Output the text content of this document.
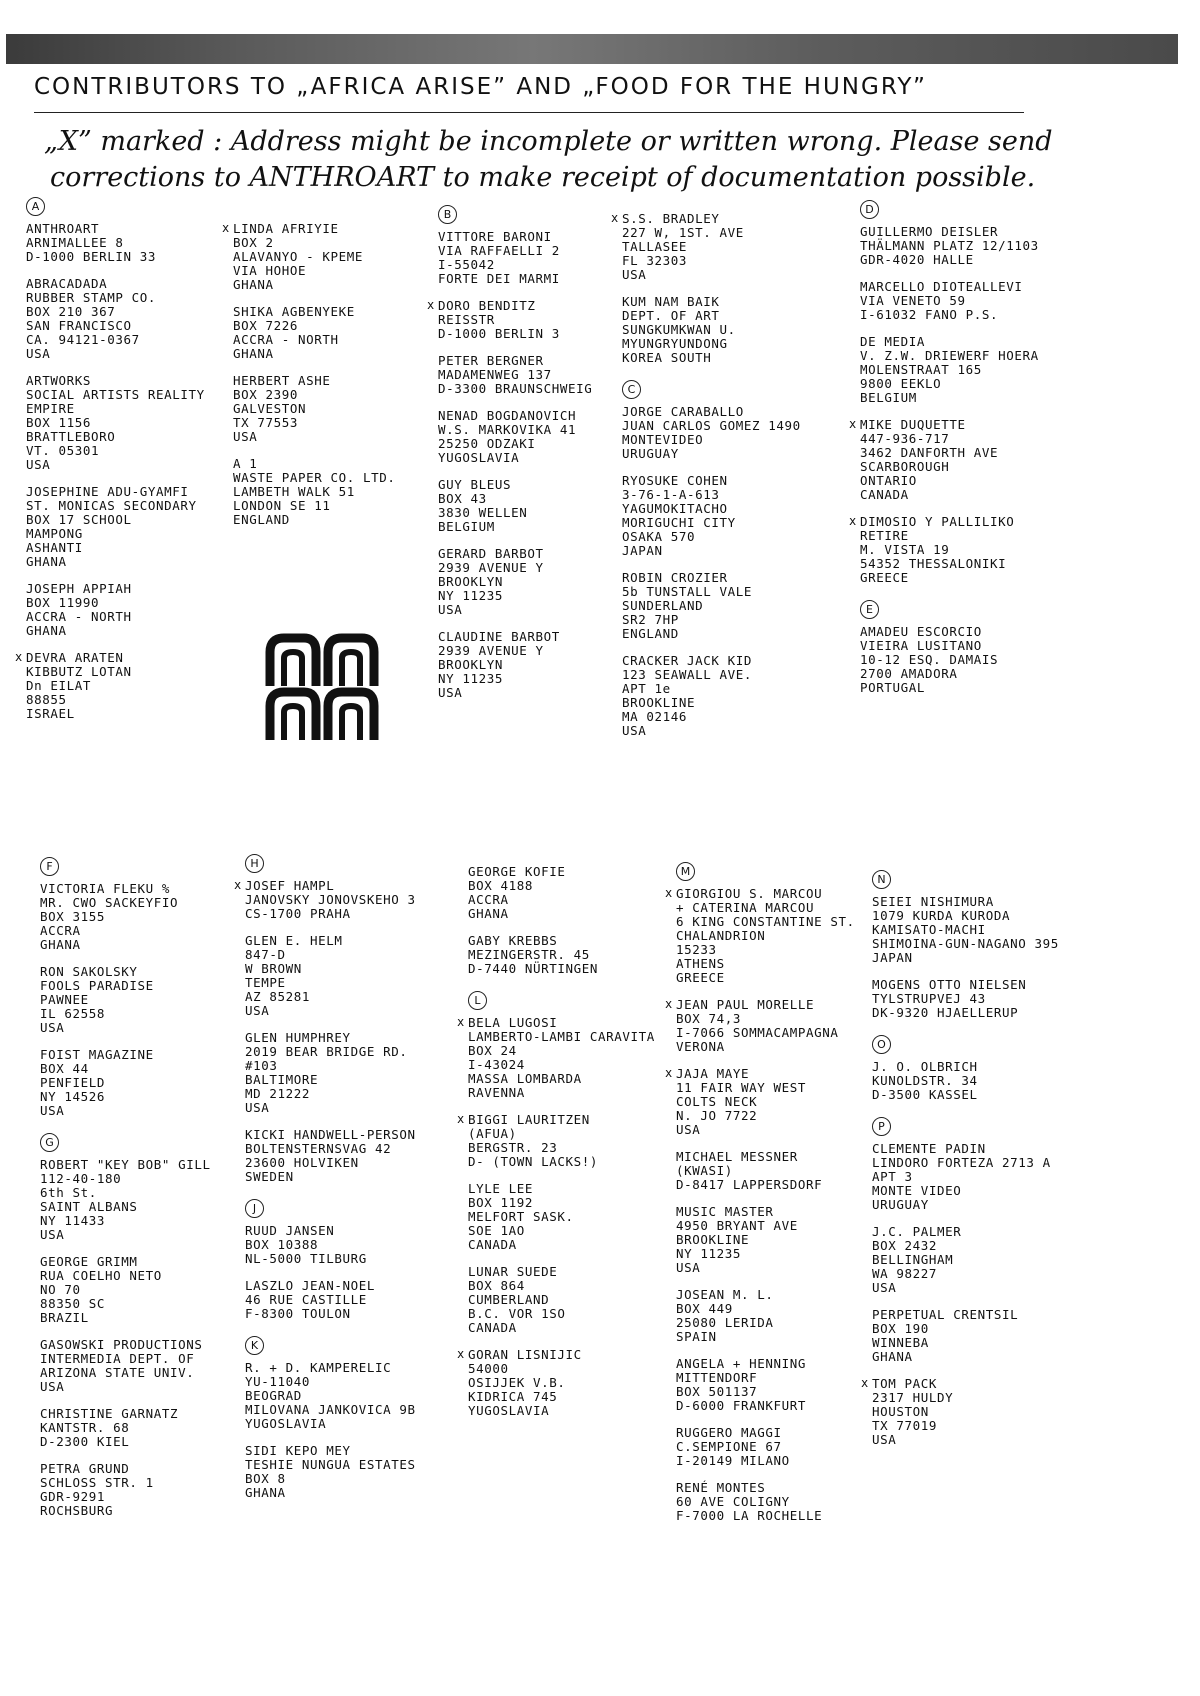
CONTRIBUTORS TO „AFRICA ARISE” AND „FOOD FOR THE HUNGRY”
„X” marked : Address might be incomplete or written wrong. Please send
corrections to ANTHROART to make receipt of documentation possible.
A
ANTHROART
ARNIMALLEE 8
D-1000 BERLIN 33
ABRACADADA
RUBBER STAMP CO.
BOX 210 367
SAN FRANCISCO
CA. 94121-0367
USA
ARTWORKS
SOCIAL ARTISTS REALITY
EMPIRE
BOX 1156
BRATTLEBORO
VT. 05301
USA
JOSEPHINE ADU-GYAMFI
ST. MONICAS SECONDARY
BOX 17 SCHOOL
MAMPONG
ASHANTI
GHANA
JOSEPH APPIAH
BOX 11990
ACCRA - NORTH
GHANA
x DEVRA ARATEN
KIBBUTZ LOTAN
Dn EILAT
88855
ISRAEL
x LINDA AFRIYIE
BOX 2
ALAVANYO - KPEME
VIA HOHOE
GHANA
SHIKA AGBENYEKE
BOX 7226
ACCRA - NORTH
GHANA
HERBERT ASHE
BOX 2390
GALVESTON
TX 77553
USA
A 1
WASTE PAPER CO. LTD.
LAMBETH WALK 51
LONDON SE 11
ENGLAND
B
VITTORE BARONI
VIA RAFFAELLI 2
I-55042
FORTE DEI MARMI
x DORO BENDITZ
REISSTR
D-1000 BERLIN 3
PETER BERGNER
MADAMENWEG 137
D-3300 BRAUNSCHWEIG
NENAD BOGDANOVICH
W.S. MARKOVIKA 41
25250 ODZAKI
YUGOSLAVIA
GUY BLEUS
BOX 43
3830 WELLEN
BELGIUM
GERARD BARBOT
2939 AVENUE Y
BROOKLYN
NY 11235
USA
CLAUDINE BARBOT
2939 AVENUE Y
BROOKLYN
NY 11235
USA
x S.S. BRADLEY
227 W, 1ST. AVE
TALLASEE
FL 32303
USA
KUM NAM BAIK
DEPT. OF ART
SUNGKUMKWAN U.
MYUNGRYUNDONG
KOREA SOUTH
C
JORGE CARABALLO
JUAN CARLOS GOMEZ 1490
MONTEVIDEO
URUGUAY
RYOSUKE COHEN
3-76-1-A-613
YAGUMOKITACHO
MORIGUCHI CITY
OSAKA 570
JAPAN
ROBIN CROZIER
5b TUNSTALL VALE
SUNDERLAND
SR2 7HP
ENGLAND
CRACKER JACK KID
123 SEAWALL AVE.
APT 1e
BROOKLINE
MA 02146
USA
D
GUILLERMO DEISLER
THÄLMANN PLATZ 12/1103
GDR-4020 HALLE
MARCELLO DIOTEALLEVI
VIA VENETO 59
I-61032 FANO P.S.
DE MEDIA
V. Z.W. DRIEWERF HOERA
MOLENSTRAAT 165
9800 EEKLO
BELGIUM
x MIKE DUQUETTE
447-936-717
3462 DANFORTH AVE
SCARBOROUGH
ONTARIO
CANADA
x DIMOSIO Y PALLILIKO
RETIRE
M. VISTA 19
54352 THESSALONIKI
GREECE
E
AMADEU ESCORCIO
VIEIRA LUSITANO
10-12 ESQ. DAMAIS
2700 AMADORA
PORTUGAL
F
VICTORIA FLEKU %
MR. CWO SACKEYFIO
BOX 3155
ACCRA
GHANA
RON SAKOLSKY
FOOLS PARADISE
PAWNEE
IL 62558
USA
FOIST MAGAZINE
BOX 44
PENFIELD
NY 14526
USA
G
ROBERT "KEY BOB" GILL
112-40-180
6th St.
SAINT ALBANS
NY 11433
USA
GEORGE GRIMM
RUA COELHO NETO
NO 70
88350 SC
BRAZIL
GASOWSKI PRODUCTIONS
INTERMEDIA DEPT. OF
ARIZONA STATE UNIV.
USA
CHRISTINE GARNATZ
KANTSTR. 68
D-2300 KIEL
PETRA GRUND
SCHLOSS STR. 1
GDR-9291
ROCHSBURG
H
x JOSEF HAMPL
JANOVSKY JONOVSKEHO 3
CS-1700 PRAHA
GLEN E. HELM
847-D
W BROWN
TEMPE
AZ 85281
USA
GLEN HUMPHREY
2019 BEAR BRIDGE RD.
#103
BALTIMORE
MD 21222
USA
KICKI HANDWELL-PERSON
BOLTENSTERNSVAG 42
23600 HOLVIKEN
SWEDEN
J
RUUD JANSEN
BOX 10388
NL-5000 TILBURG
LASZLO JEAN-NOEL
46 RUE CASTILLE
F-8300 TOULON
K
R. + D. KAMPERELIC
YU-11040
BEOGRAD
MILOVANA JANKOVICA 9B
YUGOSLAVIA
SIDI KEPO MEY
TESHIE NUNGUA ESTATES
BOX 8
GHANA
GEORGE KOFIE
BOX 4188
ACCRA
GHANA
GABY KREBBS
MEZINGERSTR. 45
D-7440 NÜRTINGEN
L
x BELA LUGOSI
LAMBERTO-LAMBI CARAVITA
BOX 24
I-43024
MASSA LOMBARDA
RAVENNA
x BIGGI LAURITZEN
(AFUA)
BERGSTR. 23
D- (TOWN LACKS!)
LYLE LEE
BOX 1192
MELFORT SASK.
SOE 1AO
CANADA
LUNAR SUEDE
BOX 864
CUMBERLAND
B.C. VOR 1SO
CANADA
x GORAN LISNIJIC
54000
OSIJJEK V.B.
KIDRICA 745
YUGOSLAVIA
M
x GIORGIOU S. MARCOU
+ CATERINA MARCOU
6 KING CONSTANTINE ST.
CHALANDRION
15233
ATHENS
GREECE
x JEAN PAUL MORELLE
BOX 74,3
I-7066 SOMMACAMPAGNA
VERONA
x JAJA MAYE
11 FAIR WAY WEST
COLTS NECK
N. JO 7722
USA
MICHAEL MESSNER
(KWASI)
D-8417 LAPPERSDORF
MUSIC MASTER
4950 BRYANT AVE
BROOKLINE
NY 11235
USA
JOSEAN M. L.
BOX 449
25080 LERIDA
SPAIN
ANGELA + HENNING
MITTENDORF
BOX 501137
D-6000 FRANKFURT
RUGGERO MAGGI
C.SEMPIONE 67
I-20149 MILANO
RENÉ MONTES
60 AVE COLIGNY
F-7000 LA ROCHELLE
N
SEIEI NISHIMURA
1079 KURDA KURODA
KAMISATO-MACHI
SHIMOINA-GUN-NAGANO 395
JAPAN
MOGENS OTTO NIELSEN
TYLSTRUPVEJ 43
DK-9320 HJAELLERUP
O
J. O. OLBRICH
KUNOLDSTR. 34
D-3500 KASSEL
P
CLEMENTE PADIN
LINDORO FORTEZA 2713 A
APT 3
MONTE VIDEO
URUGUAY
J.C. PALMER
BOX 2432
BELLINGHAM
WA 98227
USA
PERPETUAL CRENTSIL
BOX 190
WINNEBA
GHANA
x TOM PACK
2317 HULDY
HOUSTON
TX 77019
USA
